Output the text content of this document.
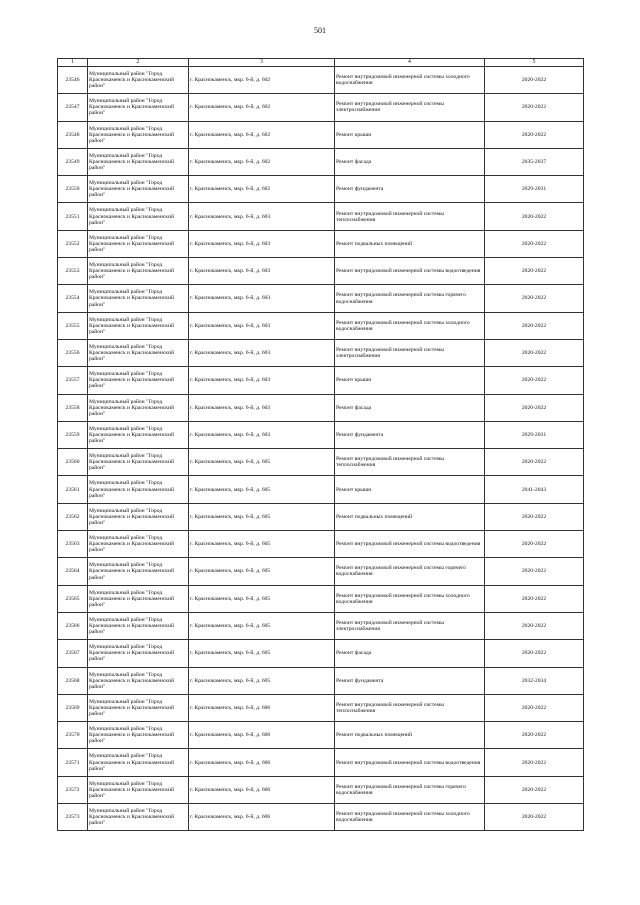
501
1	2	3	4	5
23546	Муниципальный район "Город Краснокаменск и Краснокаменский район"	г. Краснокаменск, мкр. 6-й, д. 602	Ремонт внутридомовой инженерной системы холодного водоснабжения	2020-2022
23547	Муниципальный район "Город Краснокаменск и Краснокаменский район"	г. Краснокаменск, мкр. 6-й, д. 602	Ремонт внутридомовой инженерной системы электроснабжения	2020-2022
23548	Муниципальный район "Город Краснокаменск и Краснокаменский район"	г. Краснокаменск, мкр. 6-й, д. 602	Ремонт крыши	2020-2022
23549	Муниципальный район "Город Краснокаменск и Краснокаменский район"	г. Краснокаменск, мкр. 6-й, д. 602	Ремонт фасада	2035-2037
23550	Муниципальный район "Город Краснокаменск и Краснокаменский район"	г. Краснокаменск, мкр. 6-й, д. 602	Ремонт фундамента	2029-2031
23551	Муниципальный район "Город Краснокаменск и Краснокаменский район"	г. Краснокаменск, мкр. 6-й, д. 603	Ремонт внутридомовой инженерной системы теплоснабжения	2020-2022
23552	Муниципальный район "Город Краснокаменск и Краснокаменский район"	г. Краснокаменск, мкр. 6-й, д. 603	Ремонт подвальных помещений	2020-2022
23553	Муниципальный район "Город Краснокаменск и Краснокаменский район"	г. Краснокаменск, мкр. 6-й, д. 603	Ремонт внутридомовой инженерной системы водоотведения	2020-2022
23554	Муниципальный район "Город Краснокаменск и Краснокаменский район"	г. Краснокаменск, мкр. 6-й, д. 603	Ремонт внутридомовой инженерной системы горячего водоснабжения	2020-2022
23555	Муниципальный район "Город Краснокаменск и Краснокаменский район"	г. Краснокаменск, мкр. 6-й, д. 603	Ремонт внутридомовой инженерной системы холодного водоснабжения	2020-2022
23556	Муниципальный район "Город Краснокаменск и Краснокаменский район"	г. Краснокаменск, мкр. 6-й, д. 603	Ремонт внутридомовой инженерной системы электроснабжения	2020-2022
23557	Муниципальный район "Город Краснокаменск и Краснокаменский район"	г. Краснокаменск, мкр. 6-й, д. 603	Ремонт крыши	2020-2022
23558	Муниципальный район "Город Краснокаменск и Краснокаменский район"	г. Краснокаменск, мкр. 6-й, д. 603	Ремонт фасада	2020-2022
23559	Муниципальный район "Город Краснокаменск и Краснокаменский район"	г. Краснокаменск, мкр. 6-й, д. 603	Ремонт фундамента	2029-2031
23560	Муниципальный район "Город Краснокаменск и Краснокаменский район"	г. Краснокаменск, мкр. 6-й, д. 605	Ремонт внутридомовой инженерной системы теплоснабжения	2020-2022
23561	Муниципальный район "Город Краснокаменск и Краснокаменский район"	г. Краснокаменск, мкр. 6-й, д. 605	Ремонт крыши	2041-2043
23562	Муниципальный район "Город Краснокаменск и Краснокаменский район"	г. Краснокаменск, мкр. 6-й, д. 605	Ремонт подвальных помещений	2020-2022
23563	Муниципальный район "Город Краснокаменск и Краснокаменский район"	г. Краснокаменск, мкр. 6-й, д. 605	Ремонт внутридомовой инженерной системы водоотведения	2020-2022
23564	Муниципальный район "Город Краснокаменск и Краснокаменский район"	г. Краснокаменск, мкр. 6-й, д. 605	Ремонт внутридомовой инженерной системы горячего водоснабжения	2020-2022
23565	Муниципальный район "Город Краснокаменск и Краснокаменский район"	г. Краснокаменск, мкр. 6-й, д. 605	Ремонт внутридомовой инженерной системы холодного водоснабжения	2020-2022
23566	Муниципальный район "Город Краснокаменск и Краснокаменский район"	г. Краснокаменск, мкр. 6-й, д. 605	Ремонт внутридомовой инженерной системы электроснабжения	2020-2022
23567	Муниципальный район "Город Краснокаменск и Краснокаменский район"	г. Краснокаменск, мкр. 6-й, д. 605	Ремонт фасада	2020-2022
23568	Муниципальный район "Город Краснокаменск и Краснокаменский район"	г. Краснокаменск, мкр. 6-й, д. 605	Ремонт фундамента	2032-2034
23569	Муниципальный район "Город Краснокаменск и Краснокаменский район"	г. Краснокаменск, мкр. 6-й, д. 606	Ремонт внутридомовой инженерной системы теплоснабжения	2020-2022
23570	Муниципальный район "Город Краснокаменск и Краснокаменский район"	г. Краснокаменск, мкр. 6-й, д. 606	Ремонт подвальных помещений	2020-2022
23571	Муниципальный район "Город Краснокаменск и Краснокаменский район"	г. Краснокаменск, мкр. 6-й, д. 606	Ремонт внутридомовой инженерной системы водоотведения	2020-2022
23572	Муниципальный район "Город Краснокаменск и Краснокаменский район"	г. Краснокаменск, мкр. 6-й, д. 606	Ремонт внутридомовой инженерной системы горячего водоснабжения	2020-2022
23573	Муниципальный район "Город Краснокаменск и Краснокаменский район"	г. Краснокаменск, мкр. 6-й, д. 606	Ремонт внутридомовой инженерной системы холодного водоснабжения	2020-2022
